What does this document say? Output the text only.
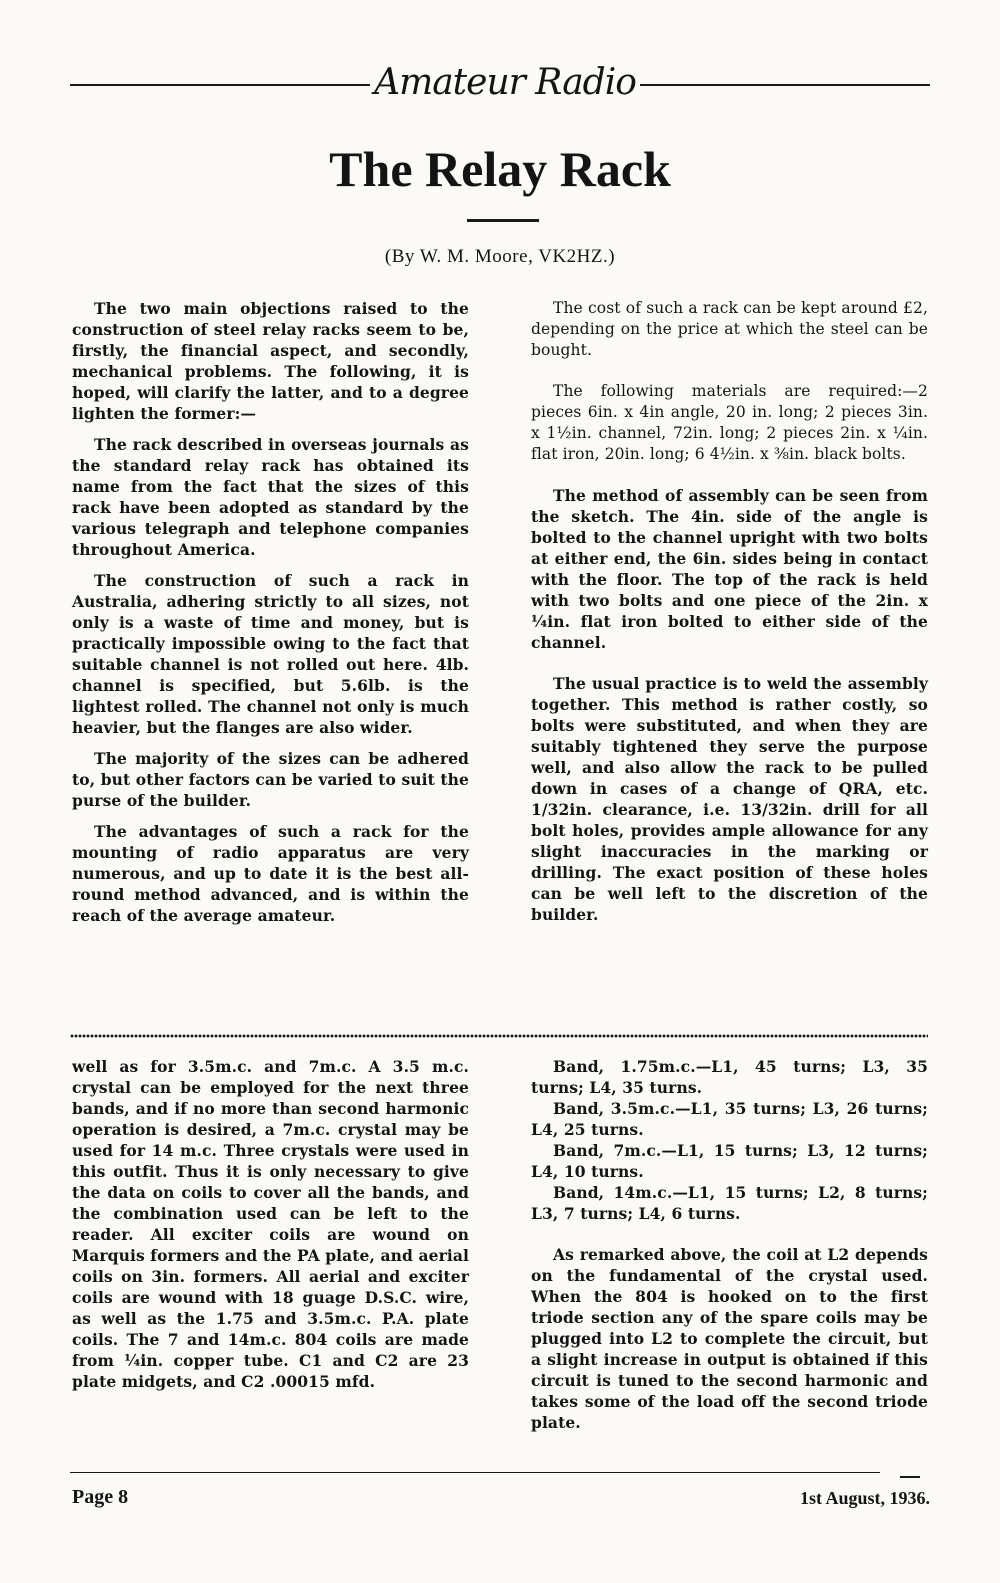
Amateur Radio
The Relay Rack
(By W. M. Moore, VK2HZ.)

The two main objections raised to the construction of steel relay racks seem to be, firstly, the financial aspect, and secondly, mechanical problems. The following, it is hoped, will clarify the latter, and to a degree lighten the former:—

The rack described in overseas journals as the standard relay rack has obtained its name from the fact that the sizes of this rack have been adopted as standard by the various telegraph and telephone companies throughout America.

The construction of such a rack in Australia, adhering strictly to all sizes, not only is a waste of time and money, but is practically impossible owing to the fact that suitable channel is not rolled out here. 4lb. channel is specified, but 5.6lb. is the lightest rolled. The channel not only is much heavier, but the flanges are also wider.

The majority of the sizes can be adhered to, but other factors can be varied to suit the purse of the builder.

The advantages of such a rack for the mounting of radio apparatus are very numerous, and up to date it is the best all-round method advanced, and is within the reach of the average amateur.

The cost of such a rack can be kept around £2, depending on the price at which the steel can be bought.

The following materials are required:—2 pieces 6in. x 4in angle, 20 in. long; 2 pieces 3in. x 1½in. channel, 72in. long; 2 pieces 2in. x ¼in. flat iron, 20in. long; 6 4½in. x ⅜in. black bolts.

The method of assembly can be seen from the sketch. The 4in. side of the angle is bolted to the channel upright with two bolts at either end, the 6in. sides being in contact with the floor. The top of the rack is held with two bolts and one piece of the 2in. x ¼in. flat iron bolted to either side of the channel.

The usual practice is to weld the assembly together. This method is rather costly, so bolts were substituted, and when they are suitably tightened they serve the purpose well, and also allow the rack to be pulled down in cases of a change of QRA, etc. 1/32in. clearance, i.e. 13/32in. drill for all bolt holes, provides ample allowance for any slight inaccuracies in the marking or drilling. The exact position of these holes can be well left to the discretion of the builder.

well as for 3.5m.c. and 7m.c. A 3.5 m.c. crystal can be employed for the next three bands, and if no more than second harmonic operation is desired, a 7m.c. crystal may be used for 14 m.c. Three crystals were used in this outfit. Thus it is only necessary to give the data on coils to cover all the bands, and the combination used can be left to the reader. All exciter coils are wound on Marquis formers and the PA plate, and aerial coils on 3in. formers. All aerial and exciter coils are wound with 18 guage D.S.C. wire, as well as the 1.75 and 3.5m.c. P.A. plate coils. The 7 and 14m.c. 804 coils are made from ¼in. copper tube. C1 and C2 are 23 plate midgets, and C2 .00015 mfd.

Band, 1.75m.c.—L1, 45 turns; L3, 35 turns; L4, 35 turns.

Band, 3.5m.c.—L1, 35 turns; L3, 26 turns; L4, 25 turns.

Band, 7m.c.—L1, 15 turns; L3, 12 turns; L4, 10 turns.

Band, 14m.c.—L1, 15 turns; L2, 8 turns; L3, 7 turns; L4, 6 turns.

As remarked above, the coil at L2 depends on the fundamental of the crystal used. When the 804 is hooked on to the first triode section any of the spare coils may be plugged into L2 to complete the circuit, but a slight increase in output is obtained if this circuit is tuned to the second harmonic and takes some of the load off the second triode plate.

Page 8	1st August, 1936.
